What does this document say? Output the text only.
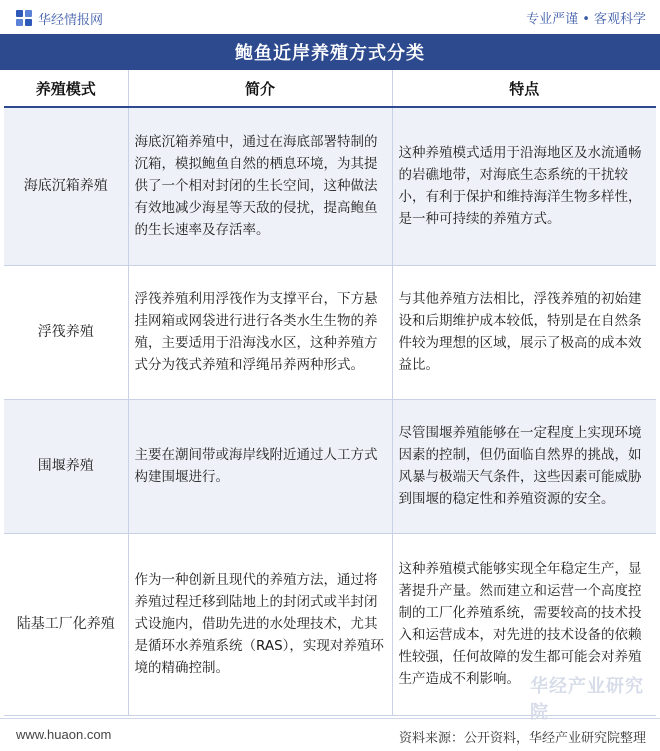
华经情报网	专业严谨 • 客观科学
鲍鱼近岸养殖方式分类
养殖模式	简介	特点
海底沉箱养殖	海底沉箱养殖中，通过在海底部署特制的沉箱，模拟鲍鱼自然的栖息环境，为其提供了一个相对封闭的生长空间，这种做法有效地减少海星等天敌的侵扰，提高鲍鱼的生长速率及存活率。	这种养殖模式适用于沿海地区及水流通畅的岩礁地带，对海底生态系统的干扰较小，有利于保护和维持海洋生物多样性，是一种可持续的养殖方式。
浮筏养殖	浮筏养殖利用浮筏作为支撑平台，下方悬挂网箱或网袋进行进行各类水生生物的养殖，主要适用于沿海浅水区，这种养殖方式分为筏式养殖和浮绳吊养两种形式。	与其他养殖方法相比，浮筏养殖的初始建设和后期维护成本较低，特别是在自然条件较为理想的区域，展示了极高的成本效益比。
围堰养殖	主要在潮间带或海岸线附近通过人工方式构建围堰进行。	尽管围堰养殖能够在一定程度上实现环境因素的控制，但仍面临自然界的挑战，如风暴与极端天气条件，这些因素可能威胁到围堰的稳定性和养殖资源的安全。
陆基工厂化养殖	作为一种创新且现代的养殖方法，通过将养殖过程迁移到陆地上的封闭式或半封闭式设施内，借助先进的水处理技术，尤其是循环水养殖系统（RAS），实现对养殖环境的精确控制。	这种养殖模式能够实现全年稳定生产，显著提升产量。然而建立和运营一个高度控制的工厂化养殖系统，需要较高的技术投入和运营成本，对先进的技术设备的依赖性较强，任何故障的发生都可能会对养殖生产造成不利影响。 华经产业研究院
www.huaon.com	资料来源：公开资料，华经产业研究院整理
